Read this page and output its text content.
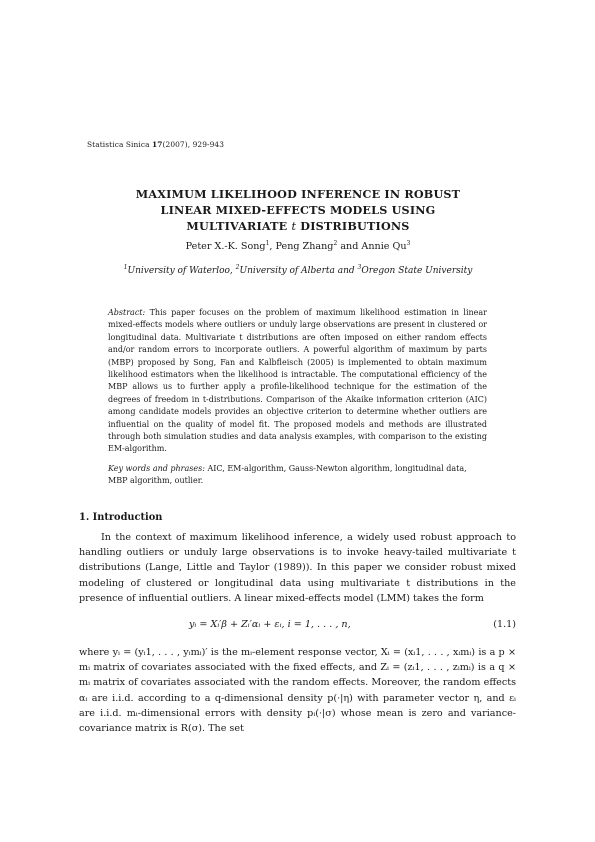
Statistica Sinica 17(2007), 929-943
MAXIMUM LIKELIHOOD INFERENCE IN ROBUST
LINEAR MIXED-EFFECTS MODELS USING
MULTIVARIATE t DISTRIBUTIONS
Peter X.-K. Song$^1$, Peng Zhang$^2$ and Annie Qu$^3$
$^1$University of Waterloo, $^2$University of Alberta and $^3$Oregon State University
Abstract: This paper focuses on the problem of maximum likelihood estimation in linear mixed-effects models where outliers or unduly large observations are present in clustered or longitudinal data. Multivariate t distributions are often imposed on either random effects and/or random errors to incorporate outliers. A powerful algorithm of maximum by parts (MBP) proposed by Song, Fan and Kalbfleisch (2005) is implemented to obtain maximum likelihood estimators when the likelihood is intractable. The computational efficiency of the MBP allows us to further apply a profile-likelihood technique for the estimation of the degrees of freedom in t-distributions. Comparison of the Akaike information criterion (AIC) among candidate models provides an objective criterion to determine whether outliers are influential on the quality of model fit. The proposed models and methods are illustrated through both simulation studies and data analysis examples, with comparison to the existing EM-algorithm.
Key words and phrases: AIC, EM-algorithm, Gauss-Newton algorithm, longitudinal data, MBP algorithm, outlier.
1. Introduction
In the context of maximum likelihood inference, a widely used robust approach to handling outliers or unduly large observations is to invoke heavy-tailed multivariate t distributions (Lange, Little and Taylor (1989)). In this paper we consider robust mixed modeling of clustered or longitudinal data using multivariate t distributions in the presence of influential outliers. A linear mixed-effects model (LMM) takes the form
yᵢ = Xᵢ′β + Zᵢ′αᵢ + εᵢ, i = 1, . . . , n,	(1.1)
where yᵢ = (yᵢ1, . . . , yᵢmᵢ)′ is the mᵢ-element response vector, Xᵢ = (xᵢ1, . . . , xᵢmᵢ) is a p × mᵢ matrix of covariates associated with the fixed effects, and Zᵢ = (zᵢ1, . . . , zᵢmᵢ) is a q × mᵢ matrix of covariates associated with the random effects. Moreover, the random effects αᵢ are i.i.d. according to a q-dimensional density p(·|η) with parameter vector η, and εᵢ are i.i.d. mᵢ-dimensional errors with density pᵢ(·|σ) whose mean is zero and variance-covariance matrix is R(σ). The set
